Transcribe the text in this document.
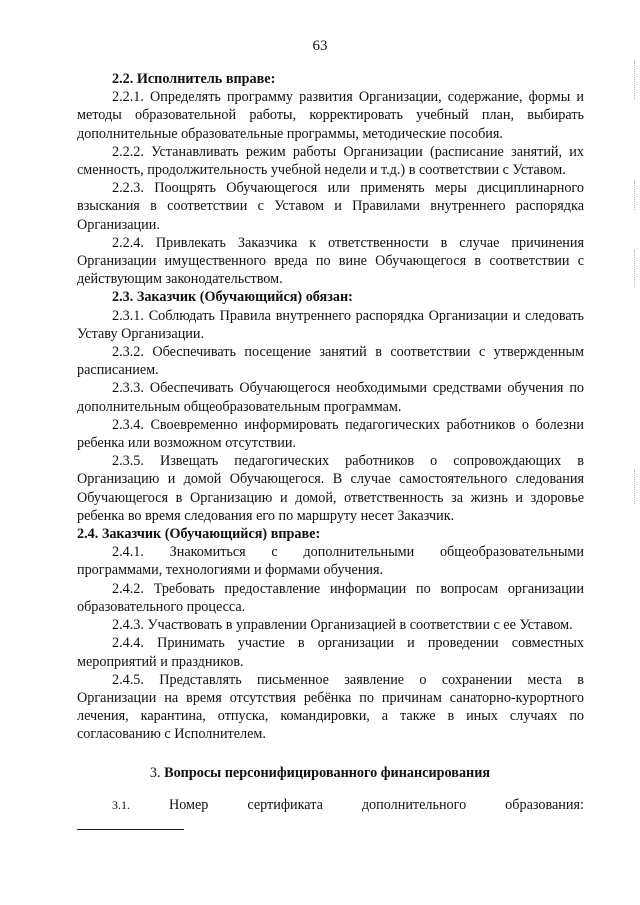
63

2.2. Исполнитель вправе:

2.2.1. Определять программу развития Организации, содержание, формы и методы образовательной работы, корректировать учебный план, выбирать дополнительные образовательные программы, методические пособия.

2.2.2. Устанавливать режим работы Организации (расписание занятий, их сменность, продолжительность учебной недели и т.д.) в соответствии с Уставом.

2.2.3. Поощрять Обучающегося или применять меры дисциплинарного взыскания в соответствии с Уставом и Правилами внутреннего распорядка Организации.

2.2.4. Привлекать Заказчика к ответственности в случае причинения Организации имущественного вреда по вине Обучающегося в соответствии с действующим законодательством.

2.3. Заказчик (Обучающийся) обязан:

2.3.1. Соблюдать Правила внутреннего распорядка Организации и следовать Уставу Организации.

2.3.2. Обеспечивать посещение занятий в соответствии с утвержденным расписанием.

2.3.3. Обеспечивать Обучающегося необходимыми средствами обучения по дополнительным общеобразовательным программам.

2.3.4. Своевременно информировать педагогических работников о болезни ребенка или возможном отсутствии.

2.3.5. Извещать педагогических работников о сопровождающих в Организацию и домой Обучающегося. В случае самостоятельного следования Обучающегося в Организацию и домой, ответственность за жизнь и здоровье ребенка во время следования его по маршруту несет Заказчик.

2.4. Заказчик (Обучающийся) вправе:

2.4.1. Знакомиться с дополнительными общеобразовательными программами, технологиями и формами обучения.

2.4.2. Требовать предоставление информации по вопросам организации образовательного процесса.

2.4.3. Участвовать в управлении Организацией в соответствии с ее Уставом.

2.4.4. Принимать участие в организации и проведении совместных мероприятий и праздников.

2.4.5. Представлять письменное заявление о сохранении места в Организации на время отсутствия ребёнка по причинам санаторно-курортного лечения, карантина, отпуска, командировки, а также в иных случаях по согласованию с Исполнителем.

3. Вопросы персонифицированного финансирования
3.1.	Номер	сертификата	дополнительного	образования:
